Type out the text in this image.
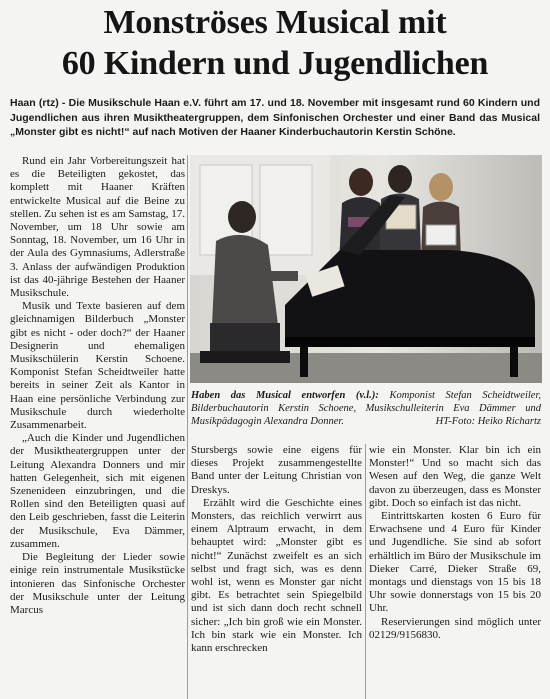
Monströses Musical mit
60 Kindern und Jugendlichen
Haan (rtz) - Die Musikschule Haan e.V. führt am 17. und 18. November mit insgesamt rund 60 Kindern und Jugendlichen aus ihren Musiktheatergruppen, dem Sinfonischen Orchester und einer Band das Musical „Monster gibt es nicht!“ auf nach Motiven der Haaner Kinderbuchautorin Kerstin Schöne.

Rund ein Jahr Vorbereitungszeit hat es die Beteiligten gekostet, das komplett mit Haaner Kräften entwickelte Musical auf die Beine zu stellen. Zu sehen ist es am Samstag, 17. November, um 18 Uhr sowie am Sonntag, 18. November, um 16 Uhr in der Aula des Gymnasiums, Adlerstraße 3. Anlass der aufwändigen Produktion ist das 40-jährige Bestehen der Haaner Musikschule.

Musik und Texte basieren auf dem gleichnamigen Bilderbuch „Monster gibt es nicht - oder doch?“ der Haaner Designerin und ehemaligen Musikschülerin Kerstin Schoene. Komponist Stefan Scheidtweiler hatte bereits in seiner Zeit als Kantor in Haan eine persönliche Verbindung zur Musikschule durch wiederholte Zusammenarbeit.

„Auch die Kinder und Jugendlichen der Musiktheatergruppen unter der Leitung Alexandra Donners und mir hatten Gelegenheit, sich mit eigenen Szenenideen einzubringen, und die Rollen sind den Beteiligten quasi auf den Leib geschrieben, fasst die Leiterin der Musikschule, Eva Dämmer, zusammen.

Die Begleitung der Lieder sowie einige rein instrumentale Musikstücke intonieren das Sinfonische Orchester der Musikschule unter der Leitung Marcus

Haben das Musical entworfen (v.l.): Komponist Stefan Scheidtweiler, Bilderbuchautorin Kerstin Schoene, Musikschulleiterin Eva Dämmer und Musikpädagogin Alexandra Donner.	HT-Foto: Heiko Richartz

Stursbergs sowie eine eigens für dieses Projekt zusammengestellte Band unter der Leitung Christian von Dreskys.

Erzählt wird die Geschichte eines Monsters, das reichlich verwirrt aus einem Alptraum erwacht, in dem behauptet wird: „Monster gibt es nicht!“ Zunächst zweifelt es an sich selbst und fragt sich, was es denn wohl ist, wenn es Monster gar nicht gibt. Es betrachtet sein Spiegelbild und ist sich dann doch recht schnell sicher: „Ich bin groß wie ein Monster. Ich bin stark wie ein Monster. Ich kann erschrecken

wie ein Monster. Klar bin ich ein Monster!“ Und so macht sich das Wesen auf den Weg, die ganze Welt davon zu überzeugen, dass es Monster gibt. Doch so einfach ist das nicht.

Eintrittskarten kosten 6 Euro für Erwachsene und 4 Euro für Kinder und Jugendliche. Sie sind ab sofort erhältlich im Büro der Musikschule im Dieker Carré, Dieker Straße 69, montags und dienstags von 15 bis 18 Uhr sowie donnerstags von 15 bis 20 Uhr.

Reservierungen sind möglich unter 02129/9156830.
